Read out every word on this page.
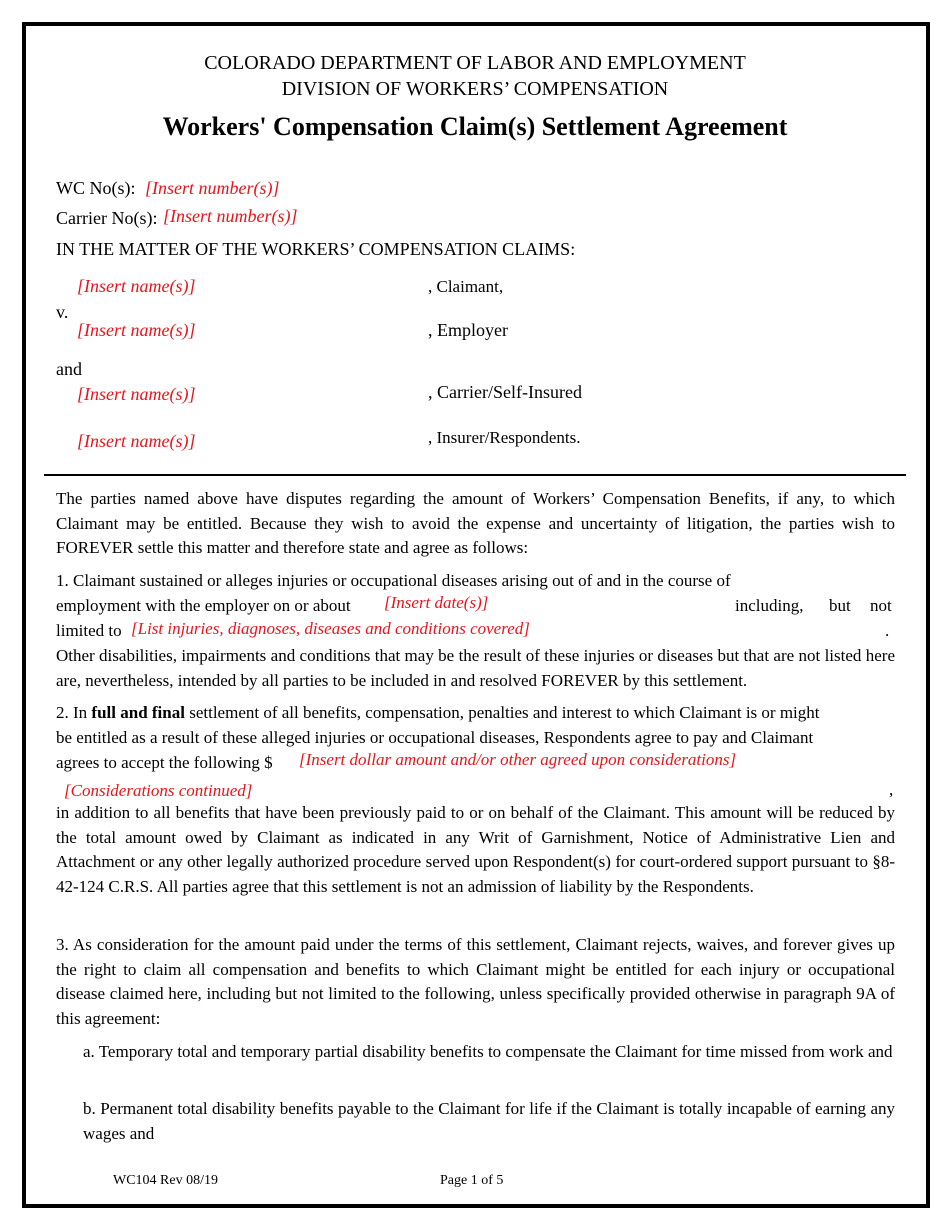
COLORADO DEPARTMENT OF LABOR AND EMPLOYMENT
DIVISION OF WORKERS’ COMPENSATION
Workers' Compensation Claim(s) Settlement Agreement
WC No(s): [Insert number(s)]
Carrier No(s): [Insert number(s)]
IN THE MATTER OF THE WORKERS’ COMPENSATION CLAIMS:
[Insert name(s)]	, Claimant,
v.
[Insert name(s)]	, Employer
and
[Insert name(s)]	, Carrier/Self-Insured
[Insert name(s)]	, Insurer/Respondents.
The parties named above have disputes regarding the amount of Workers’ Compensation Benefits, if any, to which Claimant may be entitled. Because they wish to avoid the expense and uncertainty of litigation, the parties wish to FOREVER settle this matter and therefore state and agree as follows:
1. Claimant sustained or alleges injuries or occupational diseases arising out of and in the course of
employment with the employer on or about [Insert date(s)]	including, but not
limited to [List injuries, diagnoses, diseases and conditions covered]	.
Other disabilities, impairments and conditions that may be the result of these injuries or diseases but that are not listed here are, nevertheless, intended by all parties to be included in and resolved FOREVER by this settlement.
2. In full and final settlement of all benefits, compensation, penalties and interest to which Claimant is or might
be entitled as a result of these alleged injuries or occupational diseases, Respondents agree to pay and Claimant
agrees to accept the following $ [Insert dollar amount and/or other agreed upon considerations]
[Considerations continued]	,
in addition to all benefits that have been previously paid to or on behalf of the Claimant. This amount will be reduced by the total amount owed by Claimant as indicated in any Writ of Garnishment, Notice of Administrative Lien and Attachment or any other legally authorized procedure served upon Respondent(s) for court-ordered support pursuant to §8-42-124 C.R.S. All parties agree that this settlement is not an admission of liability by the Respondents.
3. As consideration for the amount paid under the terms of this settlement, Claimant rejects, waives, and forever gives up the right to claim all compensation and benefits to which Claimant might be entitled for each injury or occupational disease claimed here, including but not limited to the following, unless specifically provided otherwise in paragraph 9A of this agreement:
a. Temporary total and temporary partial disability benefits to compensate the Claimant for time missed from work and
b. Permanent total disability benefits payable to the Claimant for life if the Claimant is totally incapable of earning any wages and
WC104 Rev 08/19	Page 1 of 5
